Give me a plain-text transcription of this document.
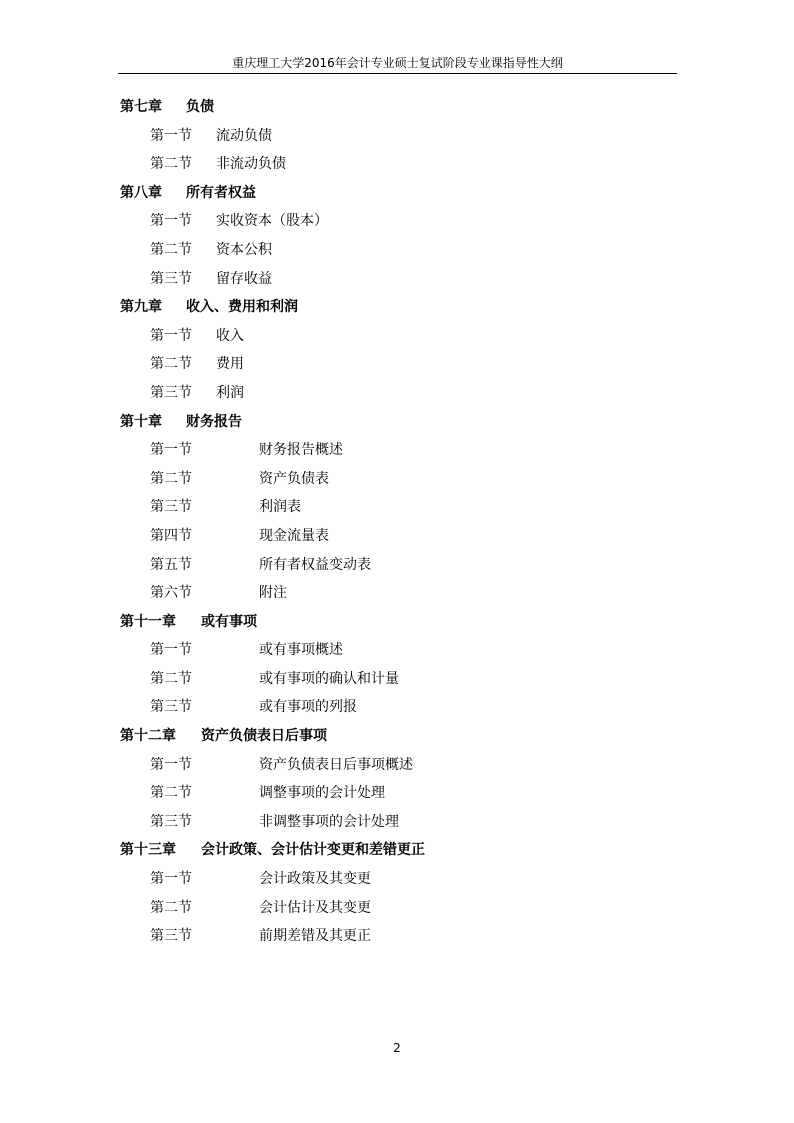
重庆理工大学2016年会计专业硕士复试阶段专业课指导性大纲
第七章 负债
第一节 流动负债
第二节 非流动负债
第八章 所有者权益
第一节 实收资本（股本）
第二节 资本公积
第三节 留存收益
第九章 收入、费用和利润
第一节 收入
第二节 费用
第三节 利润
第十章 财务报告
第一节	财务报告概述
第二节	资产负债表
第三节	利润表
第四节	现金流量表
第五节	所有者权益变动表
第六节	附注
第十一章 或有事项
第一节	或有事项概述
第二节	或有事项的确认和计量
第三节	或有事项的列报
第十二章 资产负债表日后事项
第一节	资产负债表日后事项概述
第二节	调整事项的会计处理
第三节	非调整事项的会计处理
第十三章 会计政策、会计估计变更和差错更正
第一节	会计政策及其变更
第二节	会计估计及其变更
第三节	前期差错及其更正
2
